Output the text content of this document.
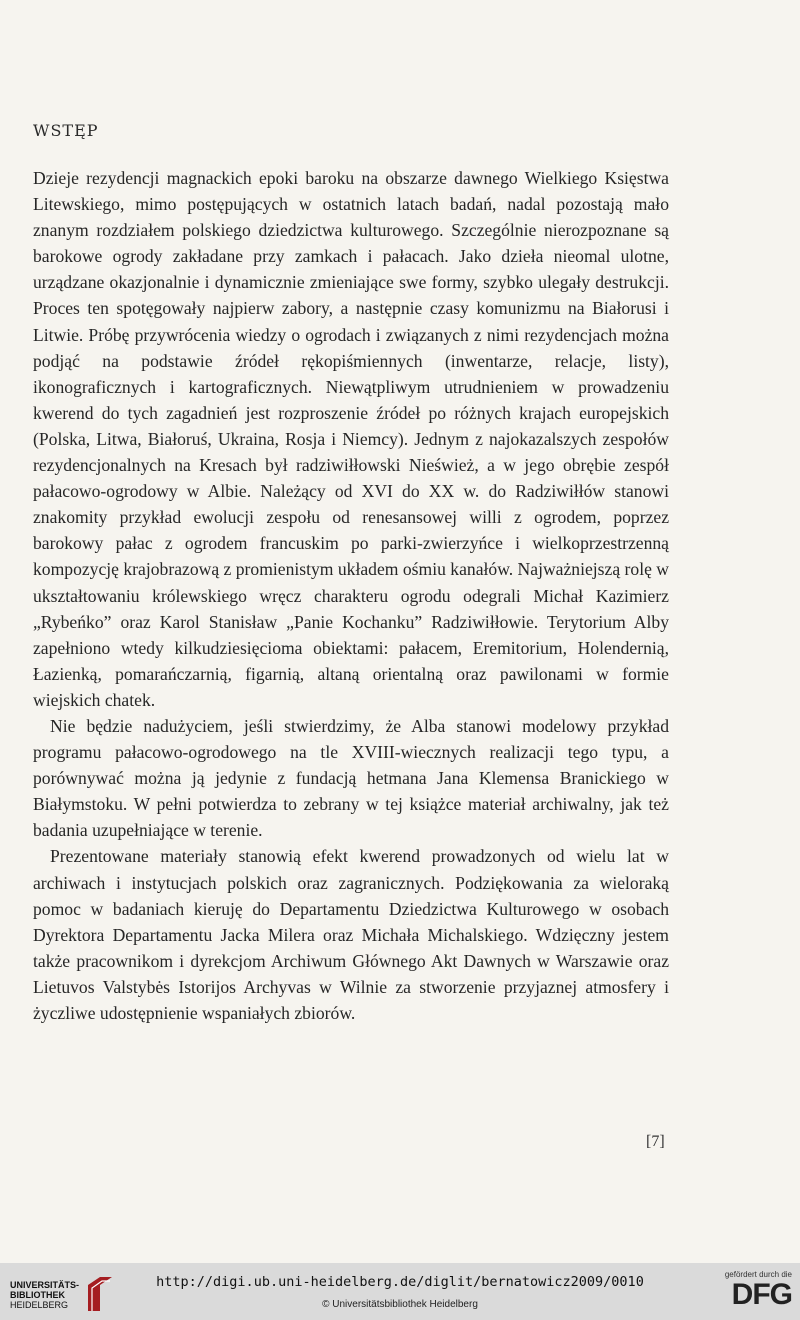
WSTĘP

Dzieje rezydencji magnackich epoki baroku na obszarze dawnego Wielkiego Księstwa Litewskiego, mimo postępujących w ostatnich latach badań, nadal pozostają mało znanym rozdziałem polskiego dziedzictwa kulturowego. Szczególnie nierozpoznane są barokowe ogrody zakładane przy zamkach i pałacach. Jako dzieła nieomal ulotne, urządzane okazjonalnie i dynamicznie zmieniające swe formy, szybko ulegały destrukcji. Proces ten spotęgowały najpierw zabory, a następnie czasy komunizmu na Białorusi i Litwie. Próbę przywrócenia wiedzy o ogrodach i związanych z nimi rezydencjach można podjąć na podstawie źródeł rękopiśmiennych (inwentarze, relacje, listy), ikonograficznych i kartograficznych. Niewątpliwym utrudnieniem w prowadzeniu kwerend do tych zagadnień jest rozproszenie źródeł po różnych krajach europejskich (Polska, Litwa, Białoruś, Ukraina, Rosja i Niemcy). Jednym z najokazalszych zespołów rezydencjonalnych na Kresach był radziwiłłowski Nieśwież, a w jego obrębie zespół pałacowo-ogrodowy w Albie. Należący od XVI do XX w. do Radziwiłłów stanowi znakomity przykład ewolucji zespołu od renesansowej willi z ogrodem, poprzez barokowy pałac z ogrodem francuskim po parki-zwierzyńce i wielkoprzestrzenną kompozycję krajobrazową z promienistym układem ośmiu kanałów. Najważniejszą rolę w ukształtowaniu królewskiego wręcz charakteru ogrodu odegrali Michał Kazimierz „Rybeńko” oraz Karol Stanisław „Panie Kochanku” Radziwiłłowie. Terytorium Alby zapełniono wtedy kilkudziesięcioma obiektami: pałacem, Eremitorium, Holendernią, Łazienką, pomarańczarnią, figarnią, altaną orientalną oraz pawilonami w formie wiejskich chatek.

Nie będzie nadużyciem, jeśli stwierdzimy, że Alba stanowi modelowy przykład programu pałacowo-ogrodowego na tle XVIII-wiecznych realizacji tego typu, a porównywać można ją jedynie z fundacją hetmana Jana Klemensa Branickiego w Białymstoku. W pełni potwierdza to zebrany w tej książce materiał archiwalny, jak też badania uzupełniające w terenie.

Prezentowane materiały stanowią efekt kwerend prowadzonych od wielu lat w archiwach i instytucjach polskich oraz zagranicznych. Podziękowania za wieloraką pomoc w badaniach kieruję do Departamentu Dziedzictwa Kulturowego w osobach Dyrektora Departamentu Jacka Milera oraz Michała Michalskiego. Wdzięczny jestem także pracownikom i dyrekcjom Archiwum Głównego Akt Dawnych w Warszawie oraz Lietuvos Valstybės Istorijos Archyvas w Wilnie za stworzenie przyjaznej atmosfery i życzliwe udostępnienie wspaniałych zbiorów.

[7]
UNIVERSITÄTS-
BIBLIOTHEK
HEIDELBERG
http://digi.ub.uni-heidelberg.de/diglit/bernatowicz2009/0010
© Universitätsbibliothek Heidelberg
gefördert durch die
DFG
